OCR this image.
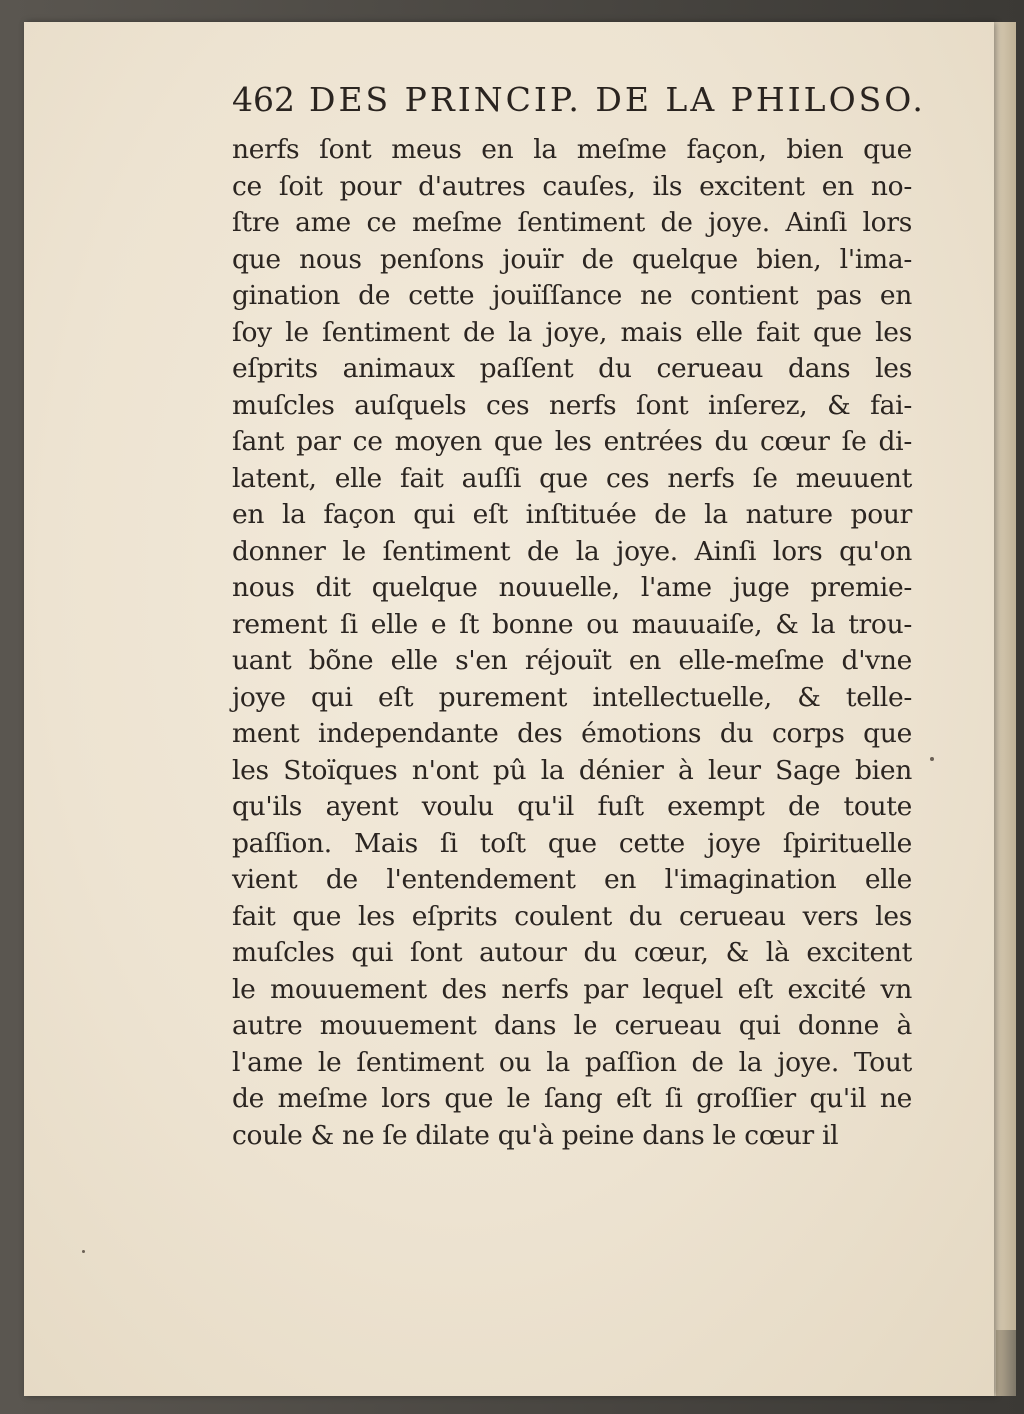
462 DES PRINCIP. DE LA PHILOSO.
nerfs ſont meus en la meſme façon, bien que
ce ſoit pour d'autres cauſes, ils excitent en no-
ſtre ame ce meſme ſentiment de joye. Ainſi lors
que nous penſons jouïr de quelque bien, l'ima-
gination de cette jouïſſance ne contient pas en
ſoy le ſentiment de la joye, mais elle fait que les
eſprits animaux paſſent du cerueau dans les
muſcles auſquels ces nerfs ſont inſerez, & fai-
ſant par ce moyen que les entrées du cœur ſe di-
latent, elle fait auſſi que ces nerfs ſe meuuent
en la façon qui eſt inſtituée de la nature pour
donner le ſentiment de la joye. Ainſi lors qu'on
nous dit quelque nouuelle, l'ame juge premie-
rement ſi elle e ſt bonne ou mauuaiſe, & la trou-
uant bõne elle s'en réjouït en elle-meſme d'vne
joye qui eſt purement intellectuelle, & telle-
ment independante des émotions du corps que
les Stoïques n'ont pû la dénier à leur Sage bien
qu'ils ayent voulu qu'il fuſt exempt de toute
paſſion. Mais ſi toſt que cette joye ſpirituelle
vient de l'entendement en l'imagination elle
fait que les eſprits coulent du cerueau vers les
muſcles qui ſont autour du cœur, & là excitent
le mouuement des nerfs par lequel eſt excité vn
autre mouuement dans le cerueau qui donne à
l'ame le ſentiment ou la paſſion de la joye. Tout
de meſme lors que le ſang eſt ſi groſſier qu'il ne
coule & ne ſe dilate qu'à peine dans le cœur il
